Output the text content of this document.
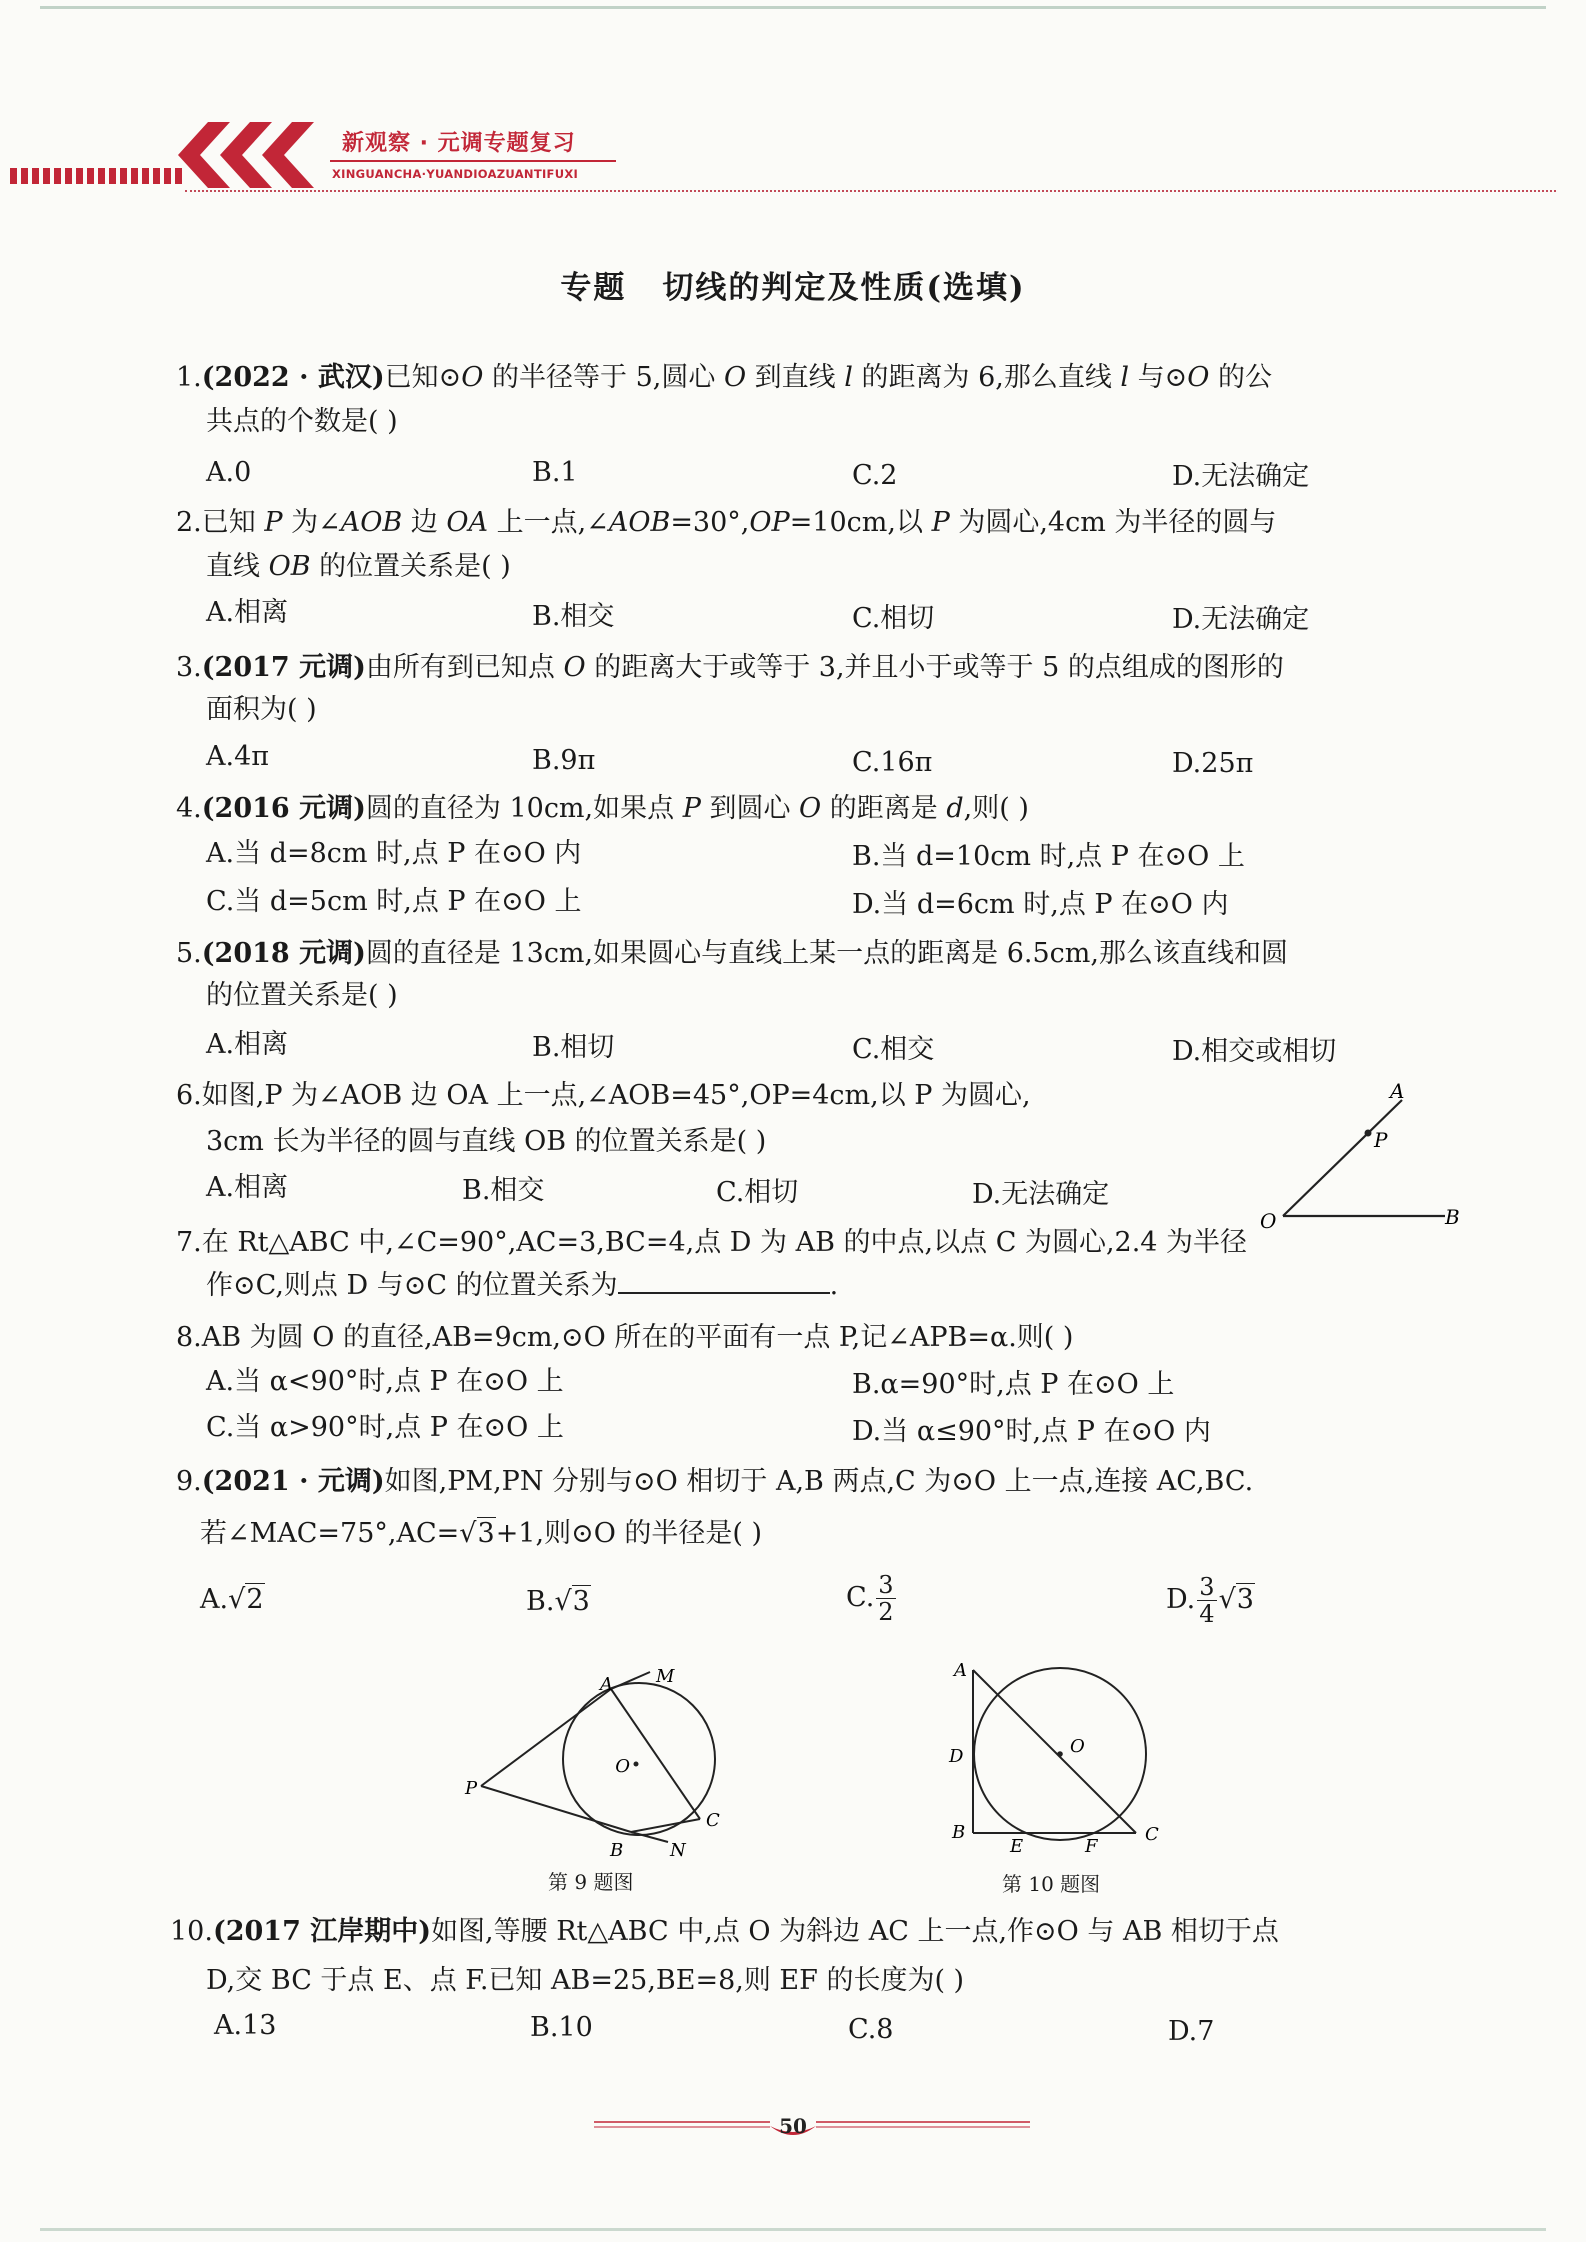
新观察 · 元调专题复习
XINGUANCHA·YUANDIOAZUANTIFUXI
专题 切线的判定及性质(选填)
1.(2022 · 武汉)已知⊙O 的半径等于 5,圆心 O 到直线 l 的距离为 6,那么直线 l 与⊙O 的公
共点的个数是( )
A.0	B.1	C.2	D.无法确定
2.已知 P 为∠AOB 边 OA 上一点,∠AOB=30°,OP=10cm,以 P 为圆心,4cm 为半径的圆与
直线 OB 的位置关系是( )
A.相离	B.相交	C.相切	D.无法确定
3.(2017 元调)由所有到已知点 O 的距离大于或等于 3,并且小于或等于 5 的点组成的图形的
面积为( )
A.4π	B.9π	C.16π	D.25π
4.(2016 元调)圆的直径为 10cm,如果点 P 到圆心 O 的距离是 d,则( )
A.当 d=8cm 时,点 P 在⊙O 内	B.当 d=10cm 时,点 P 在⊙O 上
C.当 d=5cm 时,点 P 在⊙O 上	D.当 d=6cm 时,点 P 在⊙O 内
5.(2018 元调)圆的直径是 13cm,如果圆心与直线上某一点的距离是 6.5cm,那么该直线和圆
的位置关系是( )
A.相离	B.相切	C.相交	D.相交或相切
6.如图,P 为∠AOB 边 OA 上一点,∠AOB=45°,OP=4cm,以 P 为圆心,
3cm 长为半径的圆与直线 OB 的位置关系是( )
A.相离	B.相交	C.相切	D.无法确定
A
P
O	B
7.在 Rt△ABC 中,∠C=90°,AC=3,BC=4,点 D 为 AB 的中点,以点 C 为圆心,2.4 为半径
作⊙C,则点 D 与⊙C 的位置关系为	.
8.AB 为圆 O 的直径,AB=9cm,⊙O 所在的平面有一点 P,记∠APB=α.则( )
A.当 α<90°时,点 P 在⊙O 上	B.α=90°时,点 P 在⊙O 上
C.当 α>90°时,点 P 在⊙O 上	D.当 α≤90°时,点 P 在⊙O 内
9.(2021 · 元调)如图,PM,PN 分别与⊙O 相切于 A,B 两点,C 为⊙O 上一点,连接 AC,BC.
若∠MAC=75°,AC=√3+1,则⊙O 的半径是( )
A.√2	B.√3	C. $\frac{3}{2}$	D. $\frac{3}{4} √3$
A M
O
P
B	N
C
第 9 题图
A
D	O
B
E	F
C
第 10 题图
10.(2017 江岸期中)如图,等腰 Rt△ABC 中,点 O 为斜边 AC 上一点,作⊙O 与 AB 相切于点
D,交 BC 于点 E、点 F.已知 AB=25,BE=8,则 EF 的长度为( )
A.13	B.10	C.8	D.7
50
